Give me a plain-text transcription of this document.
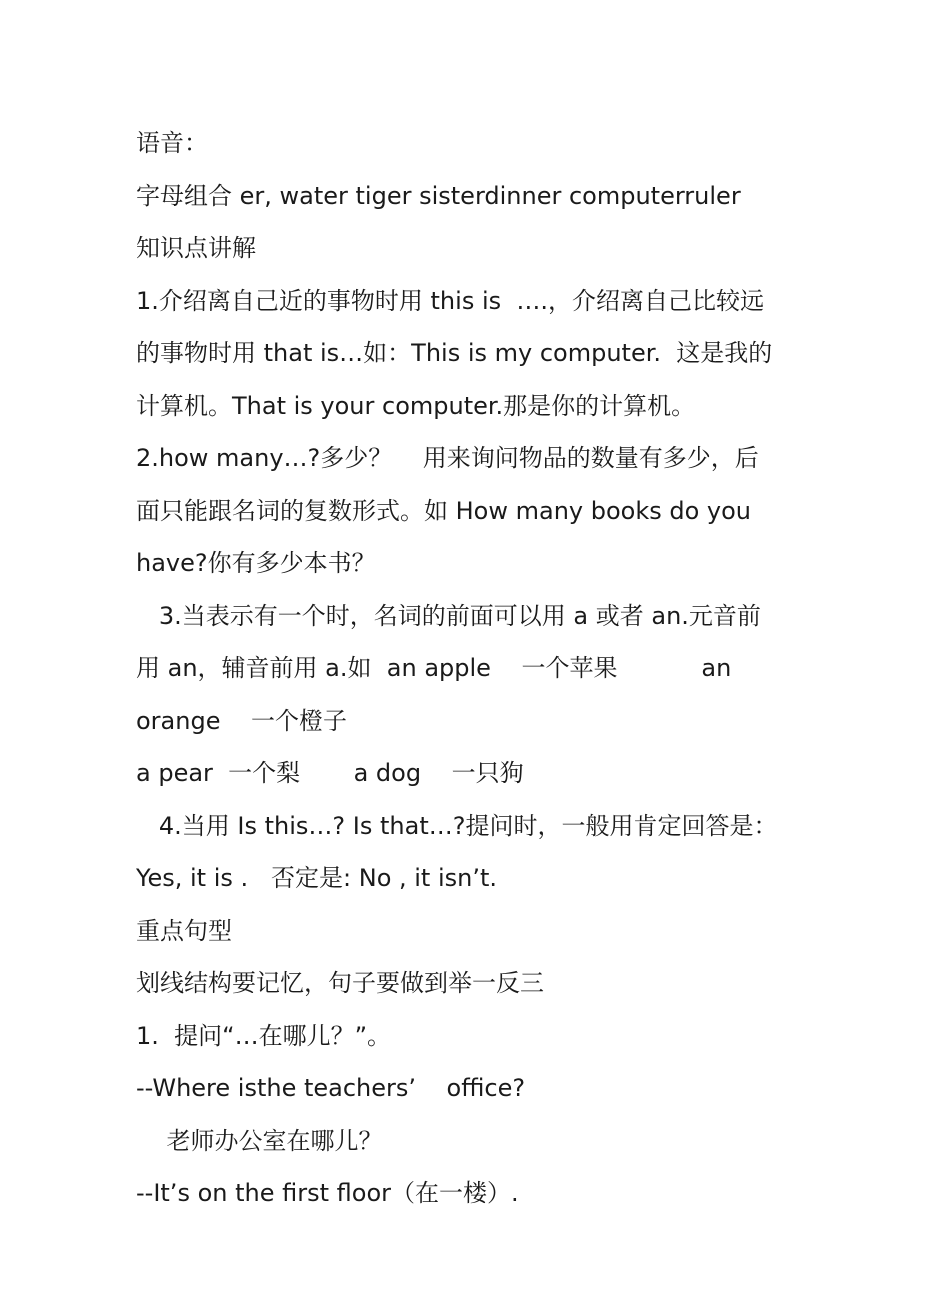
语音：
字母组合 er, water tiger sisterdinner computerruler
知识点讲解
1.介绍离自己近的事物时用 this is  ….，介绍离自己比较远
的事物时用 that is…如：This is my computer.  这是我的
计算机。That is your computer.那是你的计算机。
2.how many…?多少？    用来询问物品的数量有多少，后
面只能跟名词的复数形式。如 How many books do you
have?你有多少本书？
3.当表示有一个时，名词的前面可以用 a 或者 an.元音前
用 an，辅音前用 a.如  an apple    一个苹果           an
orange    一个橙子
a pear  一个梨       a dog    一只狗
4.当用 Is this…? Is that…?提问时，一般用肯定回答是：
Yes, it is .   否定是: No , it isn’t.
重点句型
划线结构要记忆，句子要做到举一反三
1.  提问“…在哪儿？”。
--Where isthe teachers’    office?
老师办公室在哪儿？
--It’s on the first floor（在一楼）.
